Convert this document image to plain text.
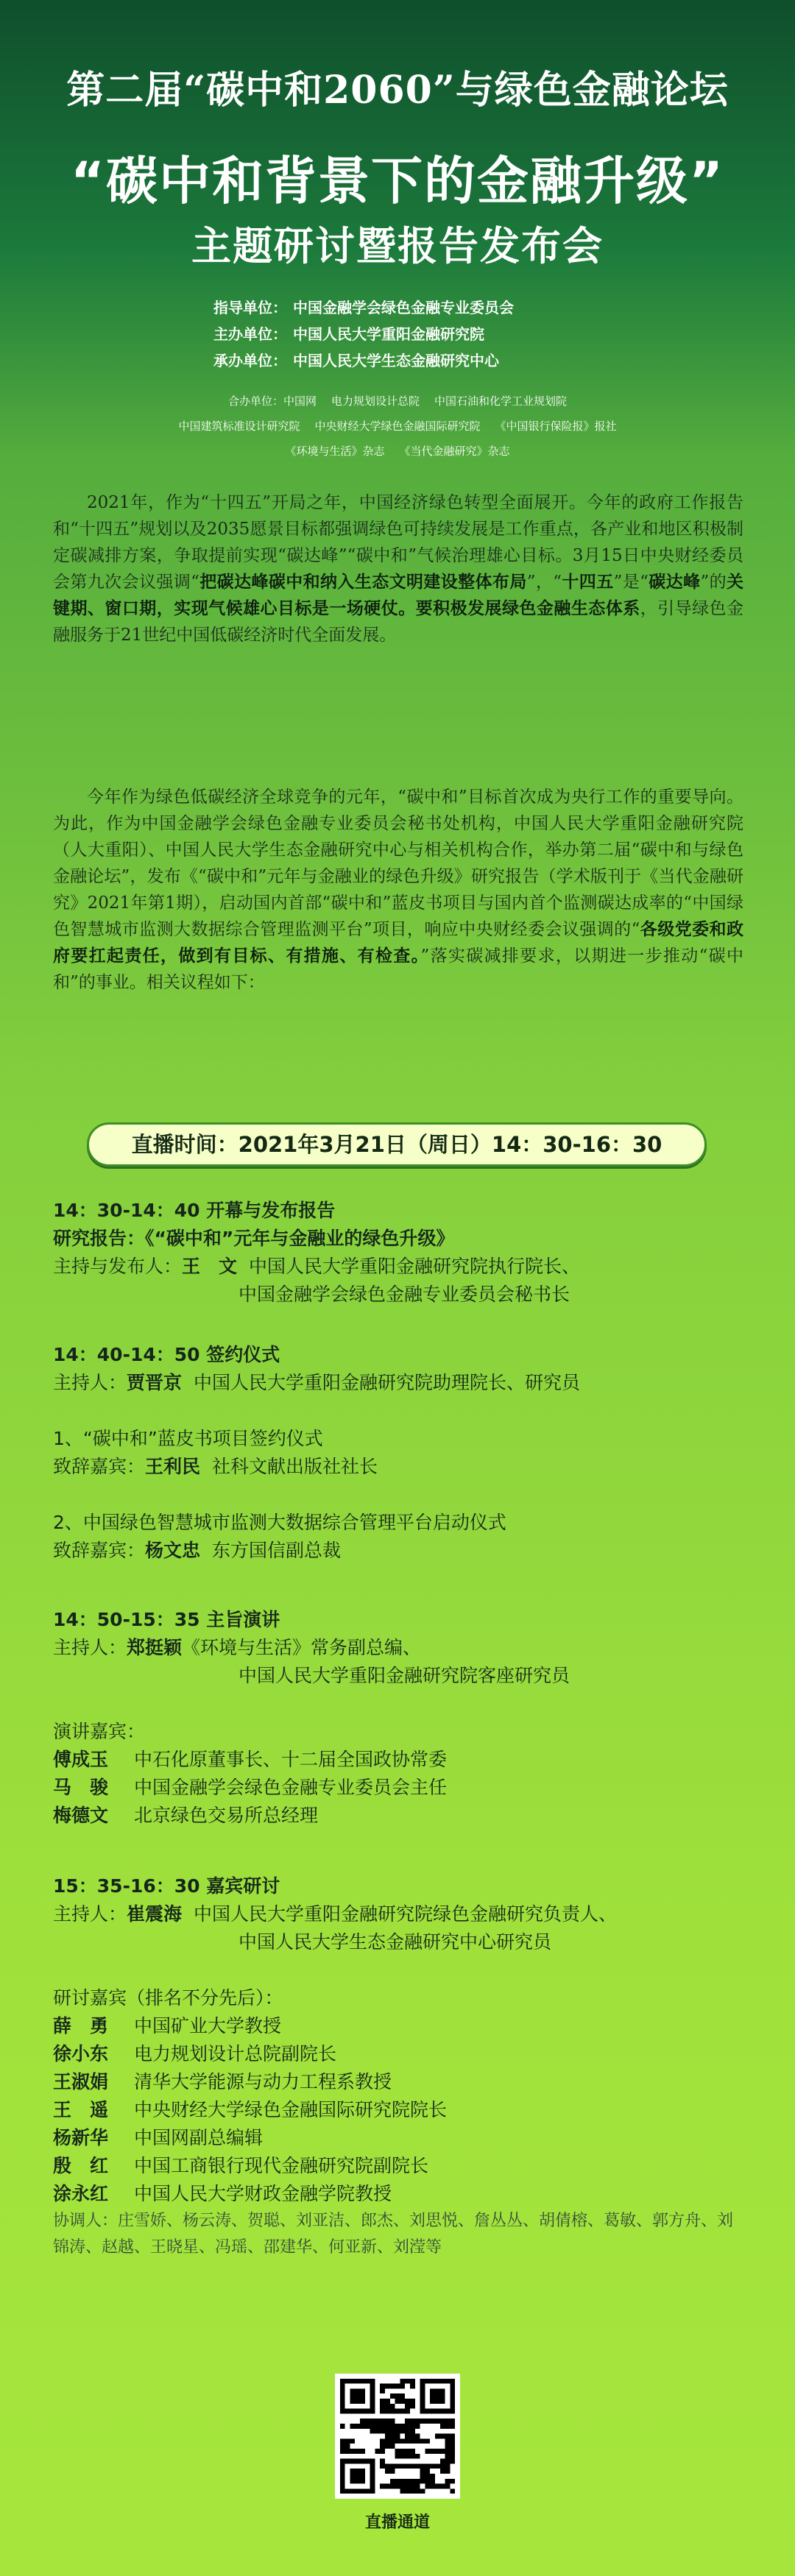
第二届“碳中和2060”与绿色金融论坛
“碳中和背景下的金融升级”
主题研讨暨报告发布会
指导单位： 中国金融学会绿色金融专业委员会
主办单位： 中国人民大学重阳金融研究院
承办单位： 中国人民大学生态金融研究中心
合办单位：中国网 电力规划设计总院 中国石油和化学工业规划院
中国建筑标准设计研究院 中央财经大学绿色金融国际研究院 《中国银行保险报》报社
《环境与生活》杂志 《当代金融研究》杂志
2021年，作为“十四五”开局之年，中国经济绿色转型全面展开。今年的政府工作报告和“十四五”规划以及2035愿景目标都强调绿色可持续发展是工作重点，各产业和地区积极制定碳减排方案，争取提前实现“碳达峰”“碳中和”气候治理雄心目标。3月15日中央财经委员会第九次会议强调“把碳达峰碳中和纳入生态文明建设整体布局”，“十四五”是“碳达峰”的关键期、窗口期，实现气候雄心目标是一场硬仗。要积极发展绿色金融生态体系，引导绿色金融服务于21世纪中国低碳经济时代全面发展。
今年作为绿色低碳经济全球竞争的元年，“碳中和”目标首次成为央行工作的重要导向。为此，作为中国金融学会绿色金融专业委员会秘书处机构，中国人民大学重阳金融研究院（人大重阳）、中国人民大学生态金融研究中心与相关机构合作，举办第二届“碳中和与绿色金融论坛”，发布《“碳中和”元年与金融业的绿色升级》研究报告（学术版刊于《当代金融研究》2021年第1期），启动国内首部“碳中和”蓝皮书项目与国内首个监测碳达成率的“中国绿色智慧城市监测大数据综合管理监测平台”项目，响应中央财经委会议强调的“各级党委和政府要扛起责任，做到有目标、有措施、有检查。”落实碳减排要求，以期进一步推动“碳中和”的事业。相关议程如下：
直播时间：2021年3月21日（周日）14：30-16：30
14：30-14：40 开幕与发布报告
研究报告：《“碳中和”元年与金融业的绿色升级》
主持与发布人：王　文 中国人民大学重阳金融研究院执行院长、
中国金融学会绿色金融专业委员会秘书长
14：40-14：50 签约仪式
主持人：贾晋京 中国人民大学重阳金融研究院助理院长、研究员
1、“碳中和”蓝皮书项目签约仪式
致辞嘉宾：王利民 社科文献出版社社长
2、中国绿色智慧城市监测大数据综合管理平台启动仪式
致辞嘉宾：杨文忠 东方国信副总裁
14：50-15：35 主旨演讲
主持人：郑挺颖《环境与生活》常务副总编、
中国人民大学重阳金融研究院客座研究员
演讲嘉宾：
傅成玉 中石化原董事长、十二届全国政协常委
马　骏 中国金融学会绿色金融专业委员会主任
梅德文 北京绿色交易所总经理
15：35-16：30 嘉宾研讨
主持人：崔震海 中国人民大学重阳金融研究院绿色金融研究负责人、
中国人民大学生态金融研究中心研究员
研讨嘉宾（排名不分先后）：
薛　勇 中国矿业大学教授
徐小东 电力规划设计总院副院长
王淑娟 清华大学能源与动力工程系教授
王　遥 中央财经大学绿色金融国际研究院院长
杨新华 中国网副总编辑
殷　红 中国工商银行现代金融研究院副院长
涂永红 中国人民大学财政金融学院教授
协调人：庄雪娇、杨云涛、贺聪、刘亚洁、郎杰、刘思悦、詹丛丛、胡倩榕、葛敏、郭方舟、刘锦涛、赵越、王晓星、冯瑶、邵建华、何亚新、刘滢等
直播通道
